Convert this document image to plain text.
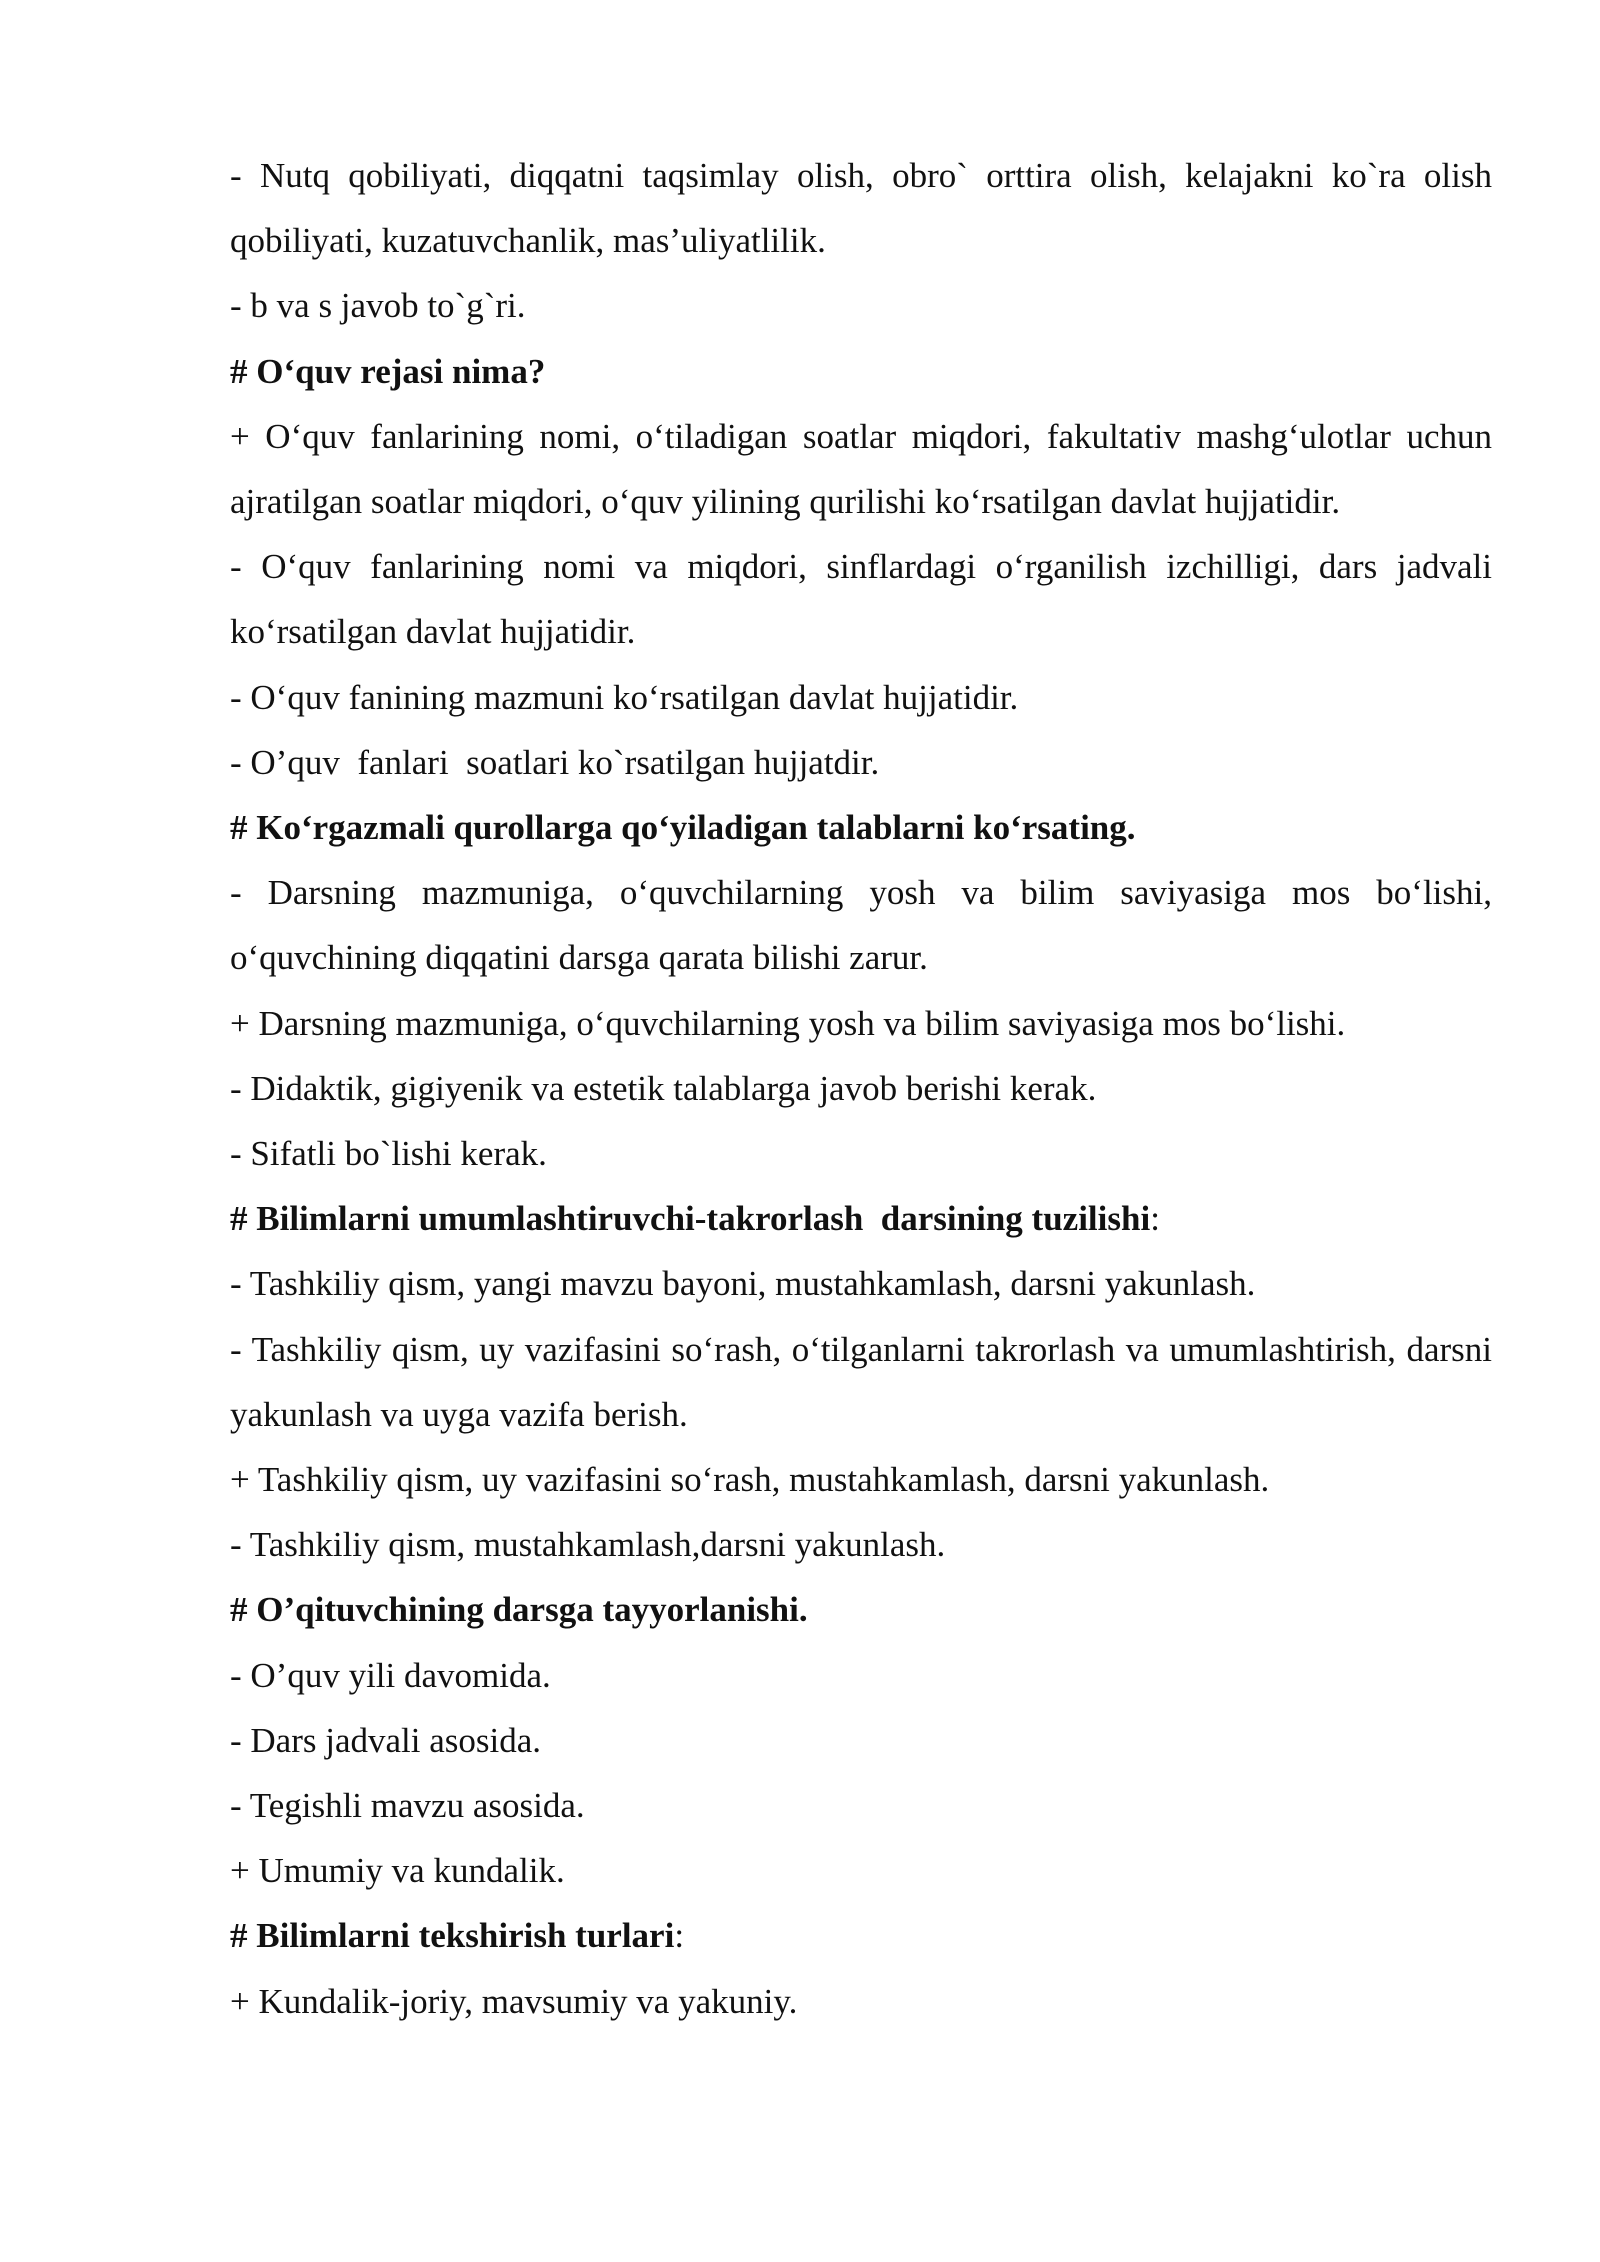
- Nutq qobiliyati, diqqatni taqsimlay olish, obro` orttira olish, kelajakni ko`ra olish qobiliyati, kuzatuvchanlik, mas’uliyatlilik.

- b va s javob to`g`ri.

# O‘quv rejasi nima?

+ O‘quv fanlarining nomi, o‘tiladigan soatlar miqdori, fakultativ mashg‘ulotlar uchun ajratilgan soatlar miqdori, o‘quv yilining qurilishi ko‘rsatilgan davlat hujjatidir.

- O‘quv fanlarining nomi va miqdori, sinflardagi o‘rganilish izchilligi, dars jadvali ko‘rsatilgan davlat hujjatidir.

- O‘quv fanining mazmuni ko‘rsatilgan davlat hujjatidir.

- O’quv  fanlari  soatlari ko`rsatilgan hujjatdir.

# Ko‘rgazmali qurollarga qo‘yiladigan talablarni ko‘rsating.

- Darsning mazmuniga, o‘quvchilarning yosh va bilim saviyasiga mos bo‘lishi, o‘quvchining diqqatini darsga qarata bilishi zarur.

+ Darsning mazmuniga, o‘quvchilarning yosh va bilim saviyasiga mos bo‘lishi.

- Didaktik, gigiyenik va estetik talablarga javob berishi kerak.

- Sifatli bo`lishi kerak.

# Bilimlarni umumlashtiruvchi-takrorlash  darsining tuzilishi:

- Tashkiliy qism, yangi mavzu bayoni, mustahkamlash, darsni yakunlash.

- Tashkiliy qism, uy vazifasini so‘rash, o‘tilganlarni takrorlash va umumlashtirish, darsni yakunlash va uyga vazifa berish.

+ Tashkiliy qism, uy vazifasini so‘rash, mustahkamlash, darsni yakunlash.

- Tashkiliy qism, mustahkamlash,darsni yakunlash.

# O’qituvchining darsga tayyorlanishi.

- O’quv yili davomida.

- Dars jadvali asosida.

- Tegishli mavzu asosida.

+ Umumiy va kundalik.

# Bilimlarni tekshirish turlari:

+ Kundalik-joriy, mavsumiy va yakuniy.
